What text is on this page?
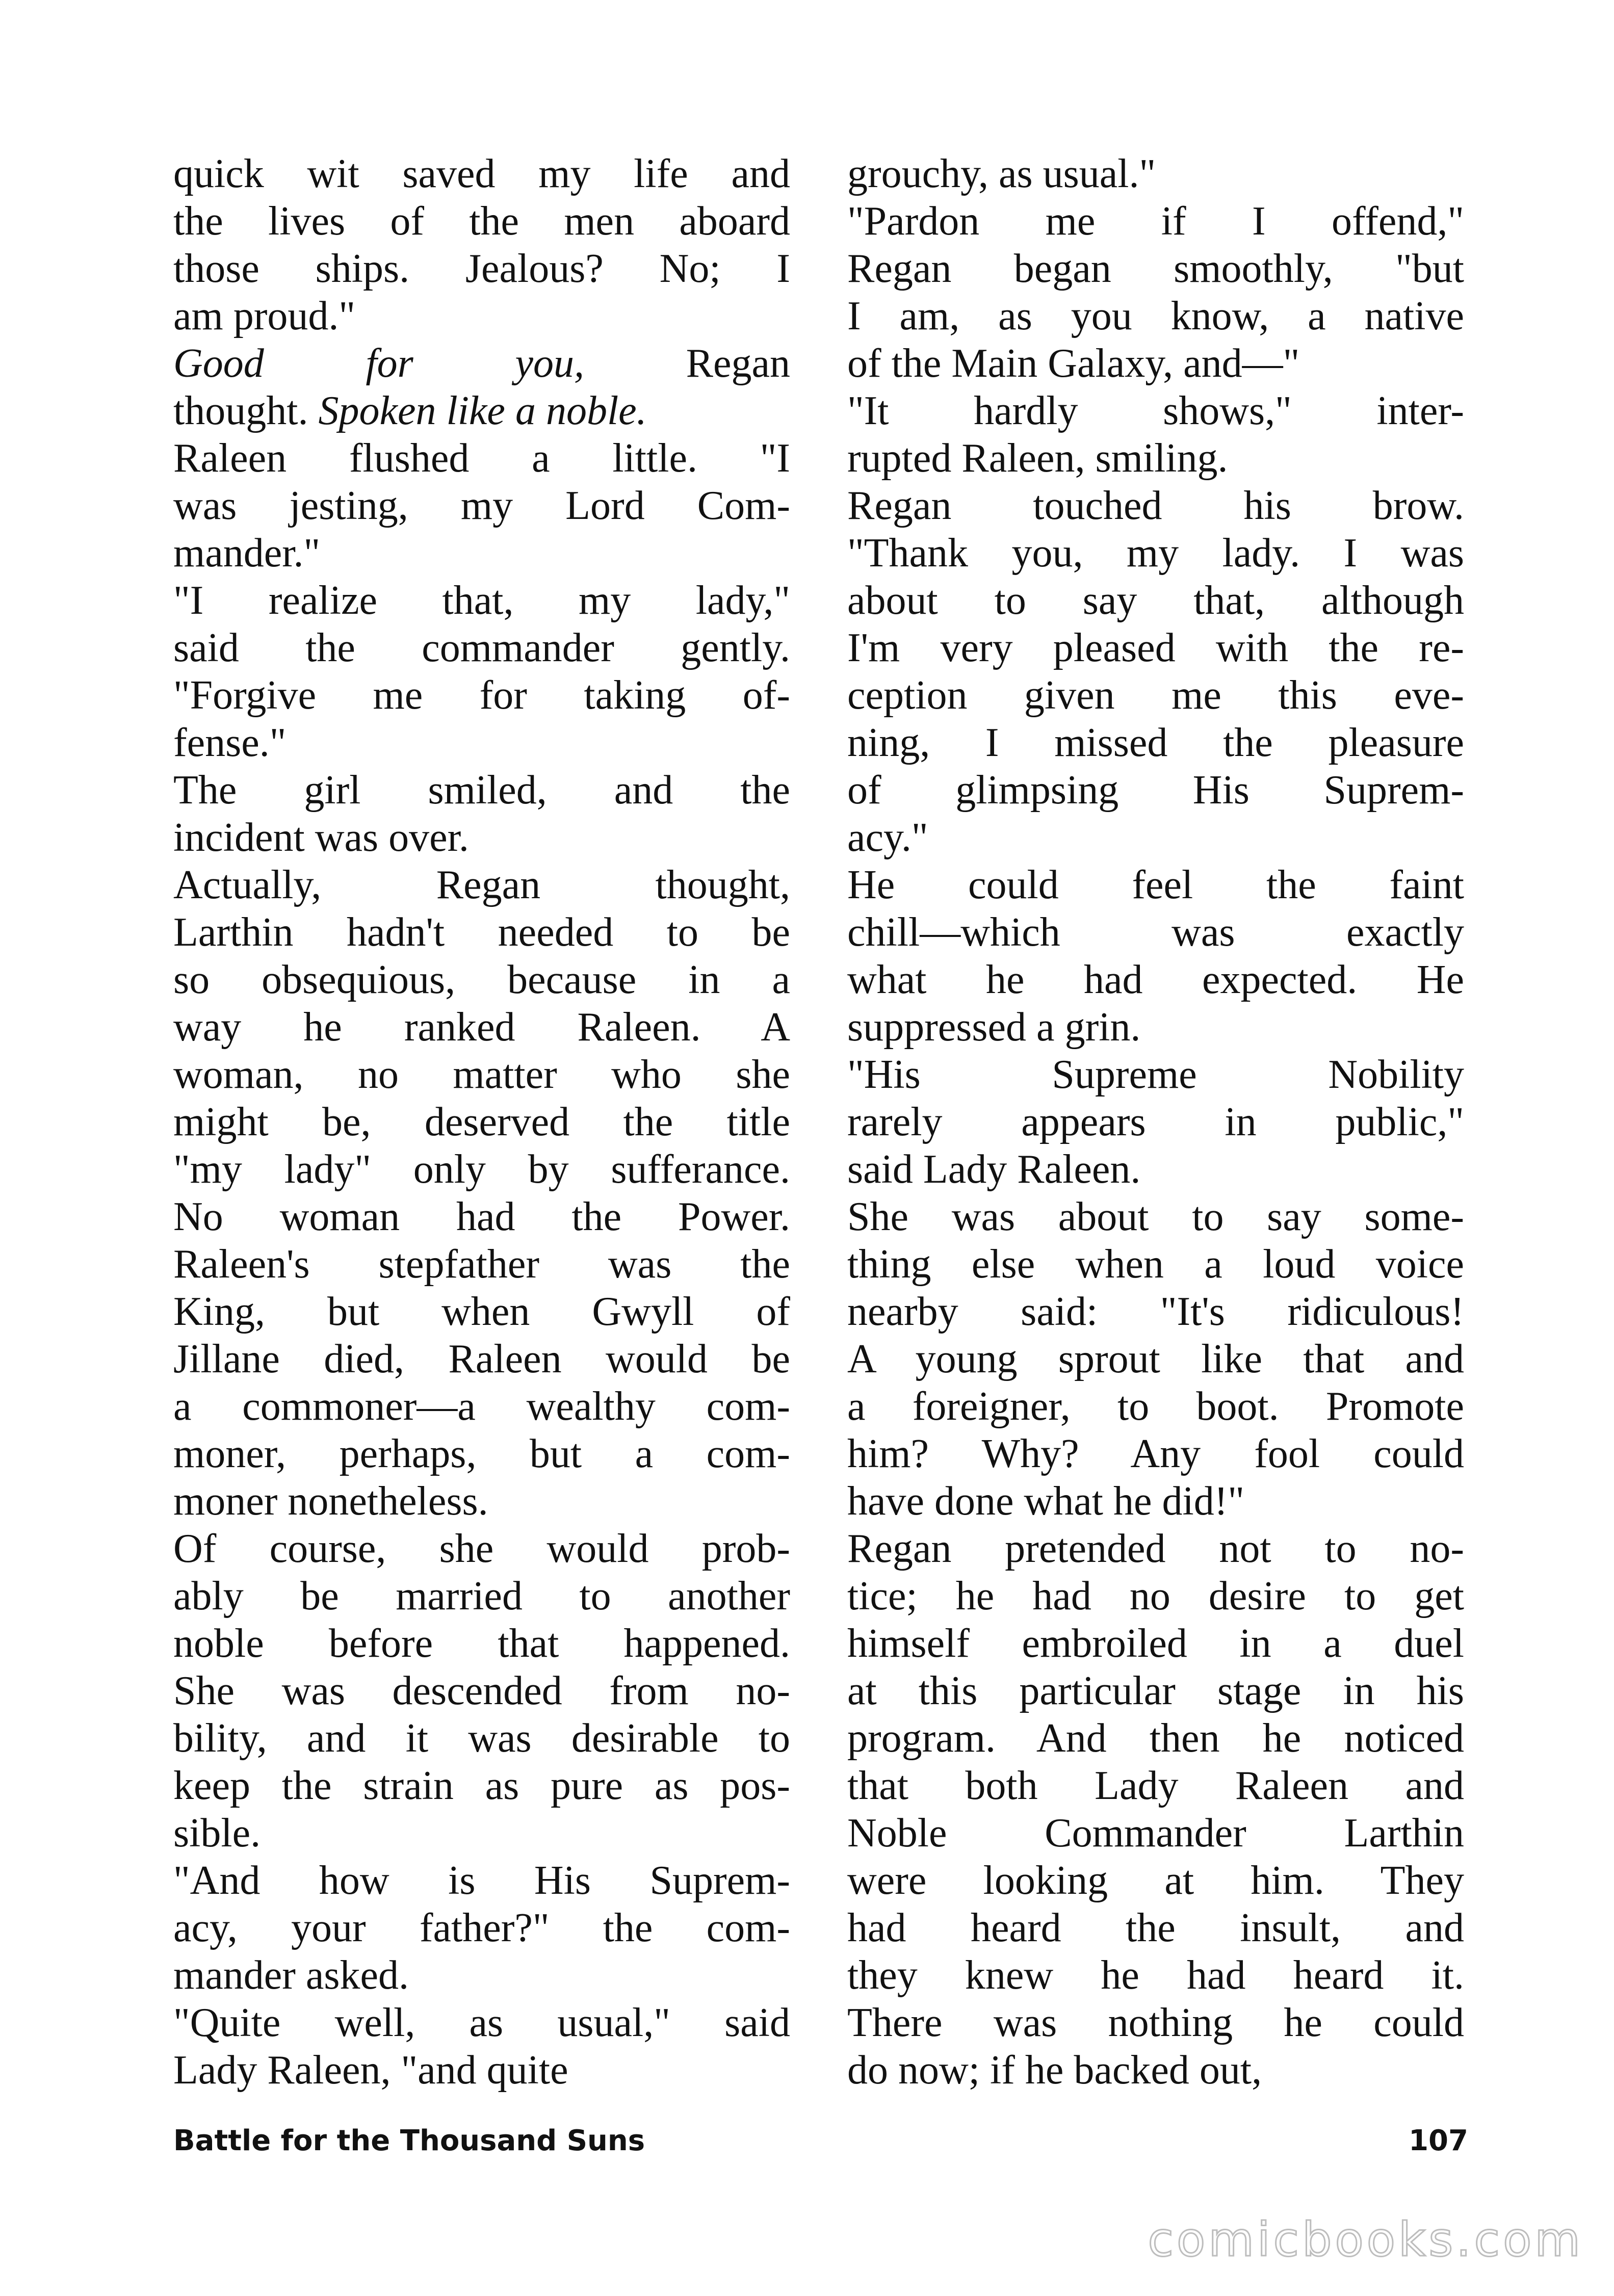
quick wit saved my life and
the lives of the men aboard
those ships. Jealous? No; I
am proud."

Good for you, Regan
thought. Spoken like a noble.

Raleen flushed a little. "I
was jesting, my Lord Com-
mander."

"I realize that, my lady,"
said the commander gently.
"Forgive me for taking of-
fense."

The girl smiled, and the
incident was over.

Actually, Regan thought,
Larthin hadn't needed to be
so obsequious, because in a
way he ranked Raleen. A
woman, no matter who she
might be, deserved the title
"my lady" only by sufferance.
No woman had the Power.
Raleen's stepfather was the
King, but when Gwyll of
Jillane died, Raleen would be
a commoner—a wealthy com-
moner, perhaps, but a com-
moner nonetheless.

Of course, she would prob-
ably be married to another
noble before that happened.
She was descended from no-
bility, and it was desirable to
keep the strain as pure as pos-
sible.

"And how is His Suprem-
acy, your father?" the com-
mander asked.

"Quite well, as usual," said
Lady Raleen, "and quite

grouchy, as usual."

"Pardon me if I offend,"
Regan began smoothly, "but
I am, as you know, a native
of the Main Galaxy, and—"

"It hardly shows," inter-
rupted Raleen, smiling.

Regan touched his brow.
"Thank you, my lady. I was
about to say that, although
I'm very pleased with the re-
ception given me this eve-
ning, I missed the pleasure
of glimpsing His Suprem-
acy."

He could feel the faint
chill—which was exactly
what he had expected. He
suppressed a grin.

"His Supreme Nobility
rarely appears in public,"
said Lady Raleen.

She was about to say some-
thing else when a loud voice
nearby said: "It's ridiculous!
A young sprout like that and
a foreigner, to boot. Promote
him? Why? Any fool could
have done what he did!"

Regan pretended not to no-
tice; he had no desire to get
himself embroiled in a duel
at this particular stage in his
program. And then he noticed
that both Lady Raleen and
Noble Commander Larthin
were looking at him. They
had heard the insult, and
they knew he had heard it.
There was nothing he could
do now; if he backed out,

Battle for the Thousand Suns	107
comicbooks.com
